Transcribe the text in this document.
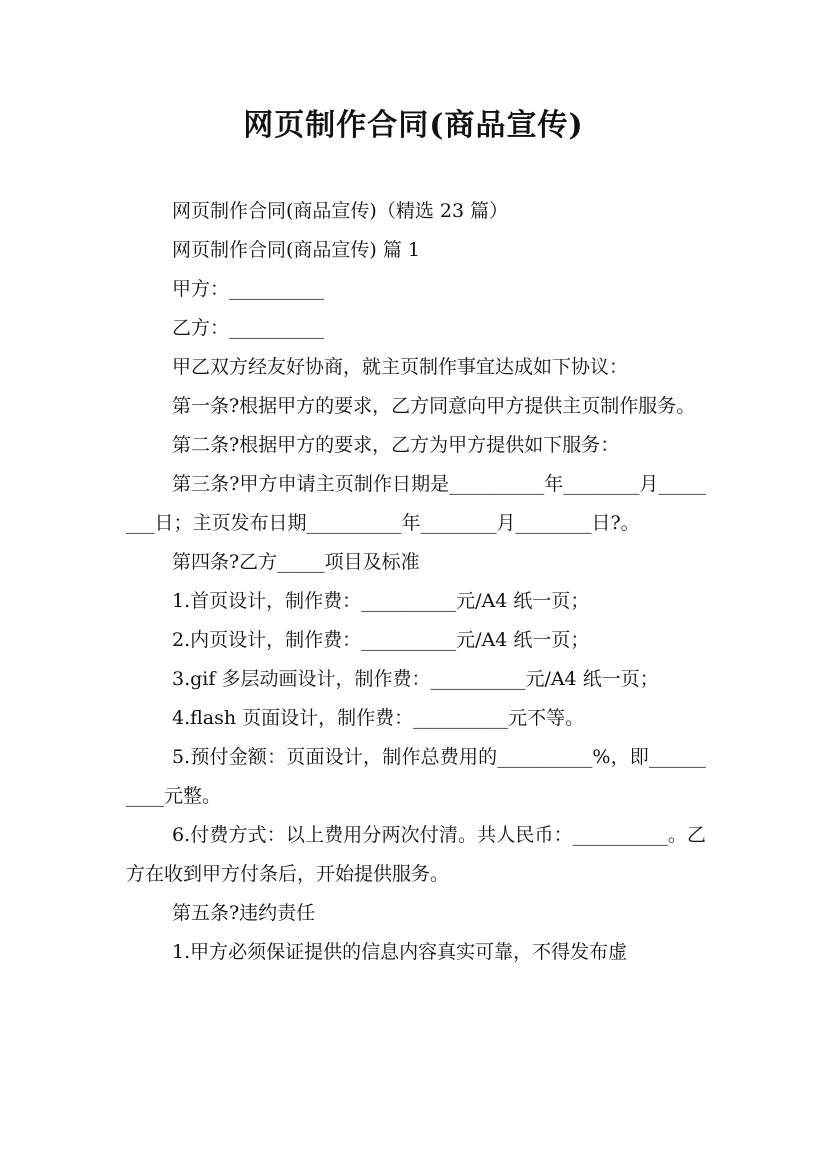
网页制作合同(商品宣传)

网页制作合同(商品宣传)（精选 23 篇）

网页制作合同(商品宣传) 篇 1

甲方：__________

乙方：__________

甲乙双方经友好协商，就主页制作事宜达成如下协议：

第一条?根据甲方的要求，乙方同意向甲方提供主页制作服务。

第二条?根据甲方的要求，乙方为甲方提供如下服务：

第三条?甲方申请主页制作日期是__________年________月________日；主页发布日期__________年________月________日?。

第四条?乙方_____项目及标准

1.首页设计，制作费：__________元/A4 纸一页；

2.内页设计，制作费：__________元/A4 纸一页；

3.gif 多层动画设计，制作费：__________元/A4 纸一页；

4.flash 页面设计，制作费：__________元不等。

5.预付金额：页面设计，制作总费用的__________%，即__________元整。

6.付费方式：以上费用分两次付清。共人民币：__________。乙方在收到甲方付条后，开始提供服务。

第五条?违约责任

1.甲方必须保证提供的信息内容真实可靠，不得发布虚
